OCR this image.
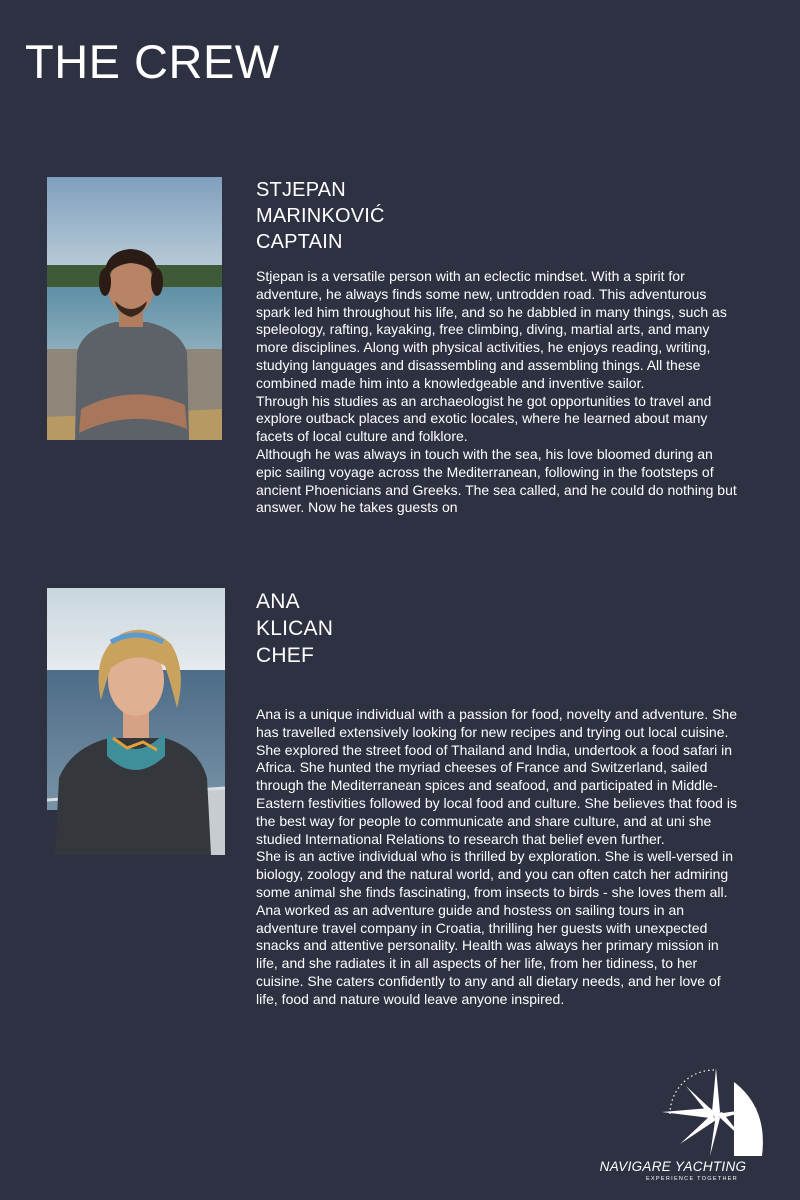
THE CREW
STJEPAN
MARINKOVIĆ
CAPTAIN

Stjepan is a versatile person with an eclectic mindset. With a spirit for adventure, he always finds some new, untrodden road. This adventurous spark led him throughout his life, and so he dabbled in many things, such as speleology, rafting, kayaking, free climbing, diving, martial arts, and many more disciplines. Along with physical activities, he enjoys reading, writing, studying languages and disassembling and assembling things. All these combined made him into a knowledgeable and inventive sailor.

Through his studies as an archaeologist he got opportunities to travel and explore outback places and exotic locales, where he learned about many facets of local culture and folklore.

Although he was always in touch with the sea, his love bloomed during an epic sailing voyage across the Mediterranean, following in the footsteps of ancient Phoenicians and Greeks. The sea called, and he could do nothing but answer. Now he takes guests on

ANA
KLICAN
CHEF

Ana is a unique individual with a passion for food, novelty and adventure. She has travelled extensively looking for new recipes and trying out local cuisine. She explored the street food of Thailand and India, undertook a food safari in Africa. She hunted the myriad cheeses of France and Switzerland, sailed through the Mediterranean spices and seafood, and participated in Middle-Eastern festivities followed by local food and culture. She believes that food is the best way for people to communicate and share culture, and at uni she studied International Relations to research that belief even further.

She is an active individual who is thrilled by exploration. She is well-versed in biology, zoology and the natural world, and you can often catch her admiring some animal she finds fascinating, from insects to birds - she loves them all. Ana worked as an adventure guide and hostess on sailing tours in an adventure travel company in Croatia, thrilling her guests with unexpected snacks and attentive personality. Health was always her primary mission in life, and she radiates it in all aspects of her life, from her tidiness, to her cuisine. She caters confidently to any and all dietary needs, and her love of life, food and nature would leave anyone inspired.

NAVIGARE YACHTING
EXPERIENCE TOGETHER
